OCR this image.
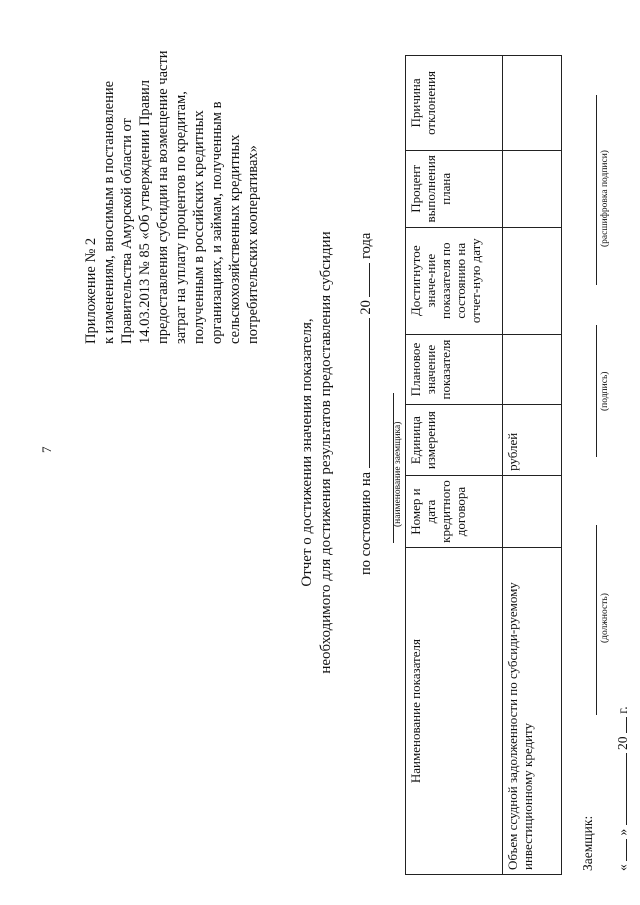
7
Приложение № 2 к изменениям, вносимым в постановление Правительства Амурской области от 14.03.2013 № 85 «Об утверждении Правил предоставления субсидии на возмещение части затрат на уплату процентов по кредитам, полученным в российских кредитных организациях, и займам, полученным в сельскохозяйственных кредитных потребительских кооперативах»
Отчет о достижении значения показателя, необходимого для достижения результатов предоставления субсидии по состоянию на  20  года
(наименование заемщика)
Наименование показателя	Номер и дата кредитного договора	Единица измерения	Плановое значение показателя	Достигнутое значе-ние показателя по состоянию на отчет-ную дату	Процент выполнения плана	Причина отклонения
Объем ссудной задолженности по субсиди-руемому инвестиционному кредиту		рублей				
Заемщик:
(должность)
(подпись)
(расшифровка подписи)
«  »  20  г.
